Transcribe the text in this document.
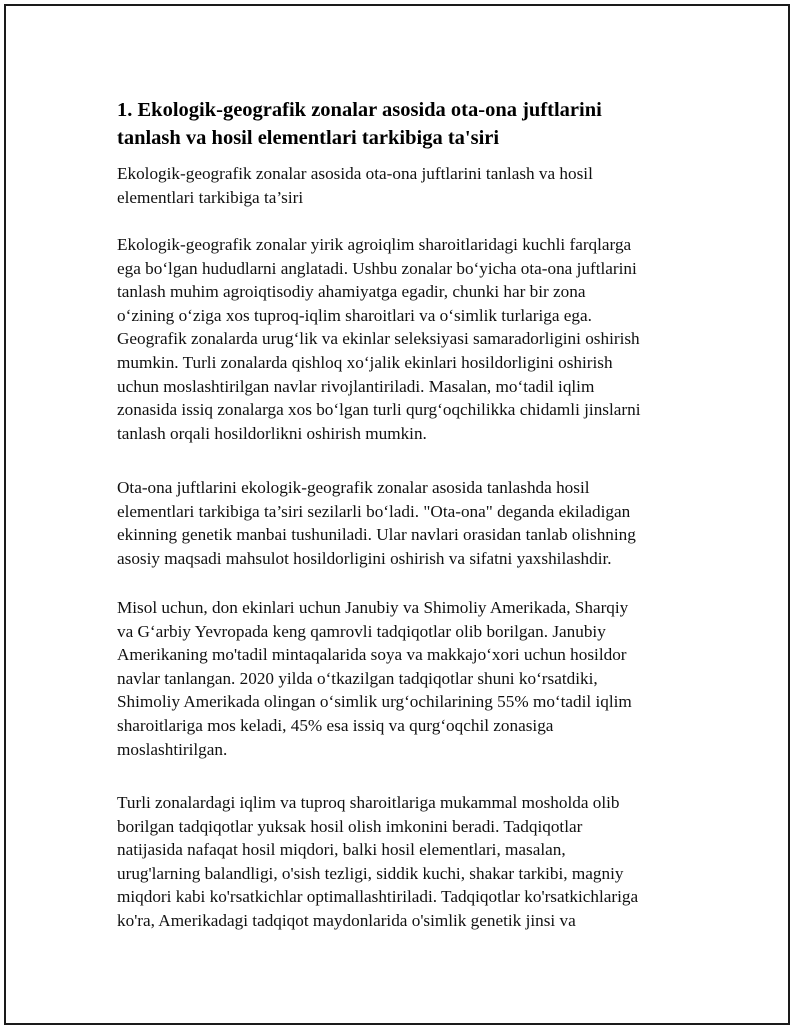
1. Ekologik-geografik zonalar asosida ota-ona juftlarini
tanlash va hosil elementlari tarkibiga ta'siri
Ekologik-geografik zonalar asosida ota-ona juftlarini tanlash va hosil
elementlari tarkibiga ta’siri
Ekologik-geografik zonalar yirik agroiqlim sharoitlaridagi kuchli farqlarga
ega bo‘lgan hududlarni anglatadi. Ushbu zonalar bo‘yicha ota-ona juftlarini
tanlash muhim agroiqtisodiy ahamiyatga egadir, chunki har bir zona
o‘zining o‘ziga xos tuproq-iqlim sharoitlari va o‘simlik turlariga ega.
Geografik zonalarda urug‘lik va ekinlar seleksiyasi samaradorligini oshirish
mumkin. Turli zonalarda qishloq xo‘jalik ekinlari hosildorligini oshirish
uchun moslashtirilgan navlar rivojlantiriladi. Masalan, mo‘tadil iqlim
zonasida issiq zonalarga xos bo‘lgan turli qurg‘oqchilikka chidamli jinslarni
tanlash orqali hosildorlikni oshirish mumkin.
Ota-ona juftlarini ekologik-geografik zonalar asosida tanlashda hosil
elementlari tarkibiga ta’siri sezilarli bo‘ladi. "Ota-ona" deganda ekiladigan
ekinning genetik manbai tushuniladi. Ular navlari orasidan tanlab olishning
asosiy maqsadi mahsulot hosildorligini oshirish va sifatni yaxshilashdir.
Misol uchun, don ekinlari uchun Janubiy va Shimoliy Amerikada, Sharqiy
va G‘arbiy Yevropada keng qamrovli tadqiqotlar olib borilgan. Janubiy
Amerikaning mo'tadil mintaqalarida soya va makkajo‘xori uchun hosildor
navlar tanlangan. 2020 yilda o‘tkazilgan tadqiqotlar shuni ko‘rsatdiki,
Shimoliy Amerikada olingan o‘simlik urg‘ochilarining 55% mo‘tadil iqlim
sharoitlariga mos keladi, 45% esa issiq va qurg‘oqchil zonasiga
moslashtirilgan.
Turli zonalardagi iqlim va tuproq sharoitlariga mukammal mosholda olib
borilgan tadqiqotlar yuksak hosil olish imkonini beradi. Tadqiqotlar
natijasida nafaqat hosil miqdori, balki hosil elementlari, masalan,
urug'larning balandligi, o'sish tezligi, siddik kuchi, shakar tarkibi, magniy
miqdori kabi ko'rsatkichlar optimallashtiriladi. Tadqiqotlar ko'rsatkichlariga
ko'ra, Amerikadagi tadqiqot maydonlarida o'simlik genetik jinsi va
